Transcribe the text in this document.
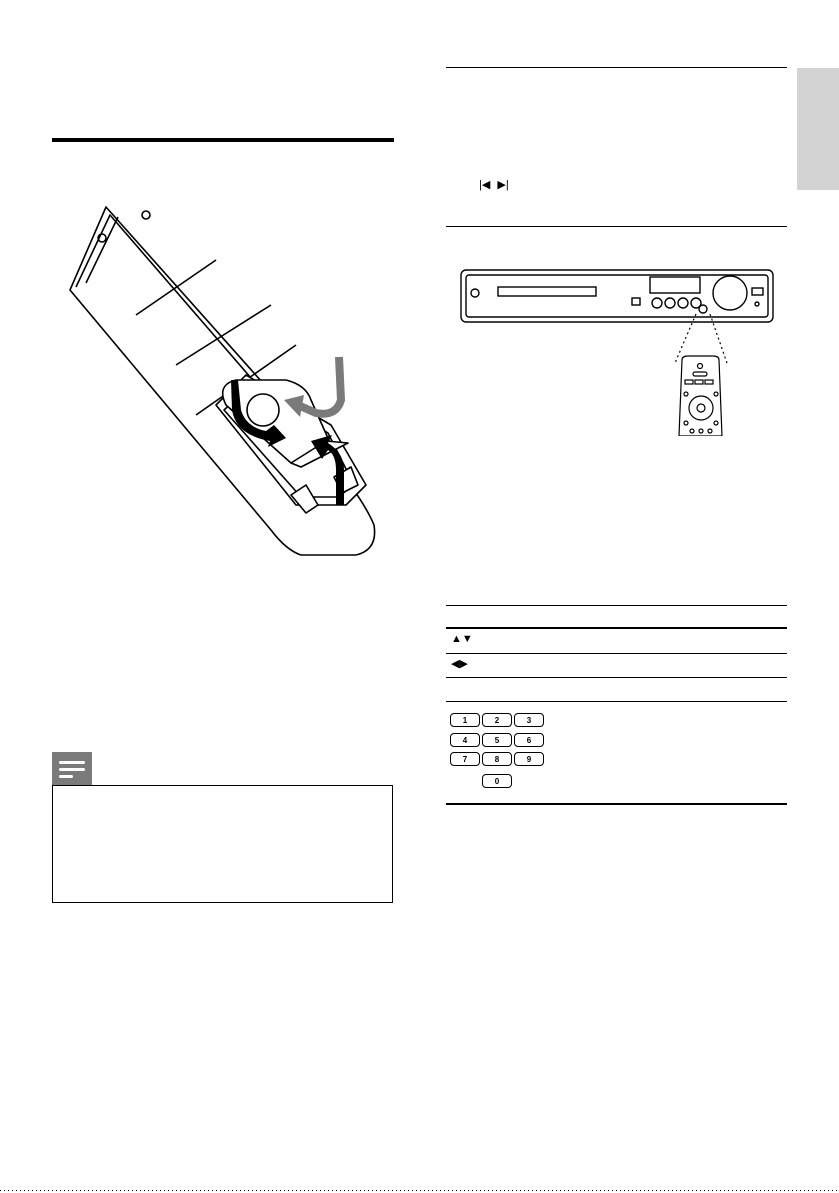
|◀ ▶|
▲▼
◀▶
1	2	3
4	5	6
7	8	9
0
